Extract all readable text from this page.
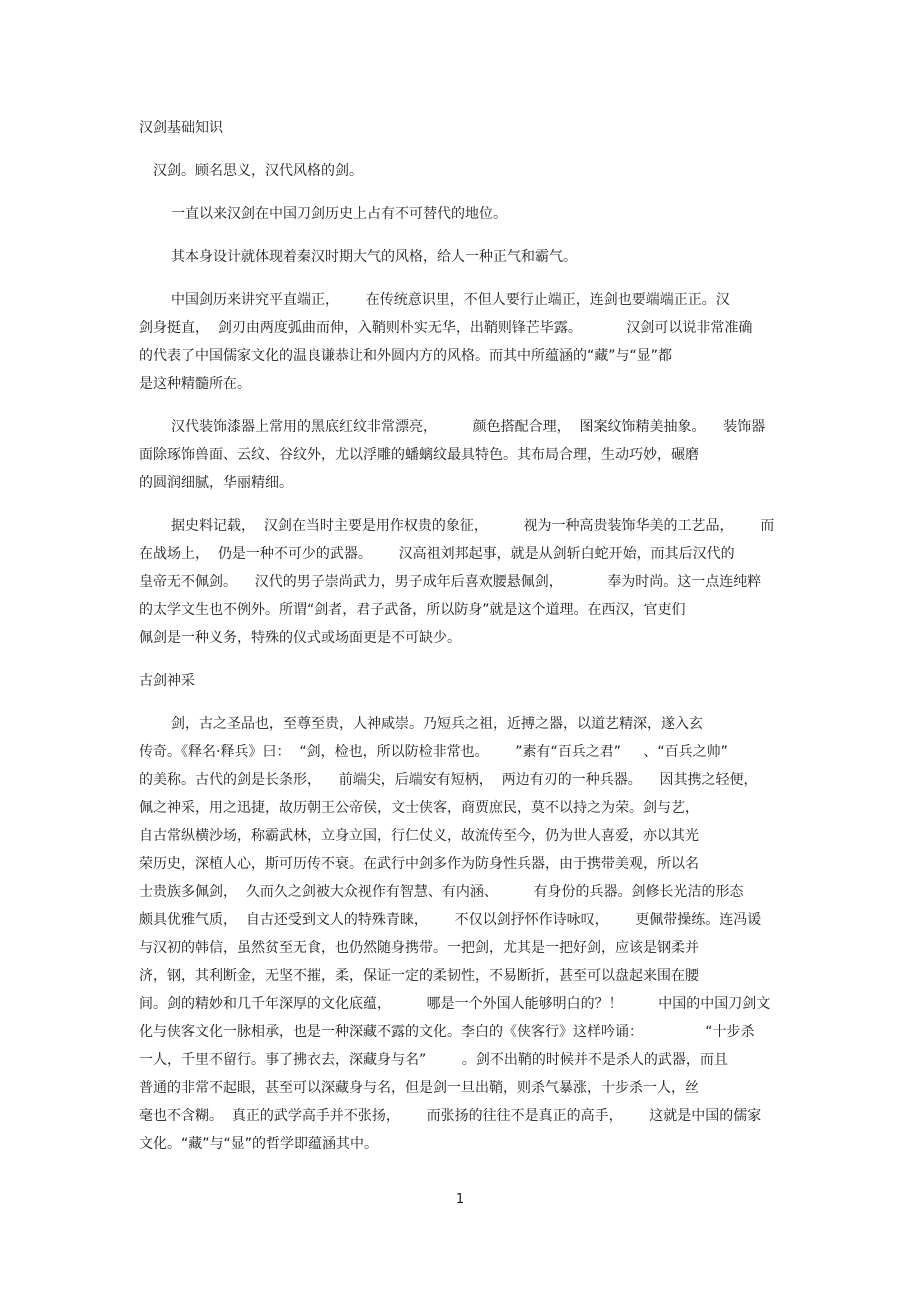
汉剑基础知识
汉剑。顾名思义，汉代风格的剑。
一直以来汉剑在中国刀剑历史上占有不可替代的地位。
其本身设计就体现着秦汉时期大气的风格，给人一种正气和霸气。
中国剑历来讲究平直端正，      在传统意识里，不但人要行止端正，连剑也要端端正正。汉
剑身挺直，  剑刃由两度弧曲而伸，入鞘则朴实无华，出鞘则锋芒毕露。          汉剑可以说非常准确
的代表了中国儒家文化的温良谦恭让和外圆内方的风格。而其中所蕴涵的“藏”与“显”都
是这种精髓所在。
汉代装饰漆器上常用的黑底红纹非常漂亮，        颜色搭配合理，  图案纹饰精美抽象。    装饰器
面除琢饰兽面、云纹、谷纹外，尤以浮雕的蟠螭纹最具特色。其布局合理，生动巧妙，碾磨
的圆润细腻，华丽精细。
据史料记载，  汉剑在当时主要是用作权贵的象征，        视为一种高贵装饰华美的工艺品，      而
在战场上，  仍是一种不可少的武器。      汉高祖刘邦起事，就是从剑斩白蛇开始，而其后汉代的
皇帝无不佩剑。    汉代的男子崇尚武力，男子成年后喜欢腰悬佩剑，          奉为时尚。这一点连纯粹
的太学文生也不例外。所谓“剑者，君子武备，所以防身”就是这个道理。在西汉，官吏们
佩剑是一种义务，特殊的仪式或场面更是不可缺少。
古剑神采
剑，古之圣品也，至尊至贵，人神咸崇。乃短兵之祖，近搏之器，以道艺精深，遂入玄
传奇。《释名·释兵》曰：  “剑，检也，所以防检非常也。      ”素有“百兵之君”     、“百兵之帅”
的美称。古代的剑是长条形，    前端尖，后端安有短柄，  两边有刃的一种兵器。    因其携之轻便，
佩之神采，用之迅捷，故历朝王公帝侯，文士侠客，商贾庶民，莫不以持之为荣。剑与艺，
自古常纵横沙场，称霸武林，立身立国，行仁仗义，故流传至今，仍为世人喜爱，亦以其光
荣历史，深植人心，斯可历传不衰。在武行中剑多作为防身性兵器，由于携带美观，所以名
士贵族多佩剑，  久而久之剑被大众视作有智慧、有内涵、        有身份的兵器。剑修长光洁的形态
颇具优雅气质，  自古还受到文人的特殊青睐，      不仅以剑抒怀作诗咏叹，      更佩带操练。连冯谖
与汉初的韩信，虽然贫至无食，也仍然随身携带。一把剑，尤其是一把好剑，应该是钢柔并
济，钢，其利断金，无坚不摧，柔，保证一定的柔韧性，不易断折，甚至可以盘起来围在腰
间。剑的精妙和几千年深厚的文化底蕴，        哪是一个外国人能够明白的？！        中国的中国刀剑文
化与侠客文化一脉相承，也是一种深藏不露的文化。李白的《侠客行》这样吟诵：              “十步杀
一人，千里不留行。事了拂衣去，深藏身与名”        。剑不出鞘的时候并不是杀人的武器，而且
普通的非常不起眼，甚至可以深藏身与名，但是剑一旦出鞘，则杀气暴涨，十步杀一人，丝
毫也不含糊。  真正的武学高手并不张扬，      而张扬的往往不是真正的高手，      这就是中国的儒家
文化。“藏”与“显”的哲学即蕴涵其中。
1
